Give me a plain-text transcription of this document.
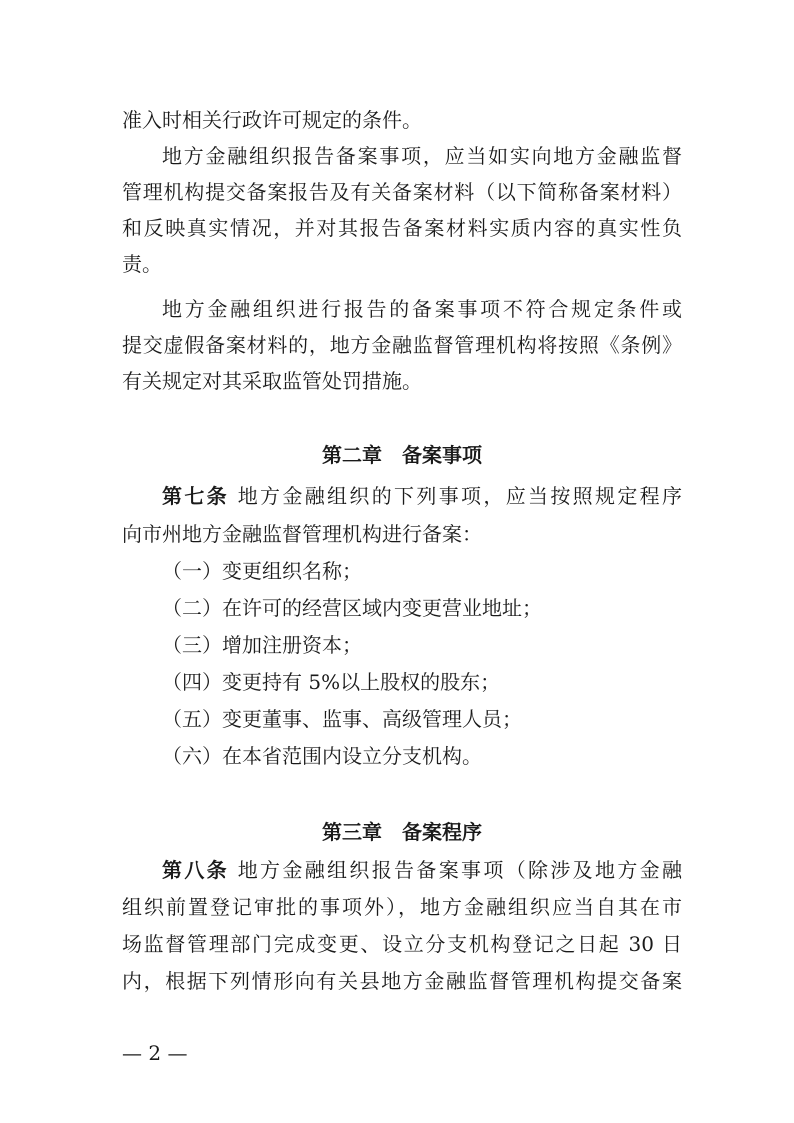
准入时相关行政许可规定的条件。
地方金融组织报告备案事项，应当如实向地方金融监督
管理机构提交备案报告及有关备案材料（以下简称备案材料）
和反映真实情况，并对其报告备案材料实质内容的真实性负
责。
地方金融组织进行报告的备案事项不符合规定条件或
提交虚假备案材料的，地方金融监督管理机构将按照《条例》
有关规定对其采取监管处罚措施。
第二章　备案事项
第七条 地方金融组织的下列事项，应当按照规定程序
向市州地方金融监督管理机构进行备案：
（一）变更组织名称；
（二）在许可的经营区域内变更营业地址；
（三）增加注册资本；
（四）变更持有 5%以上股权的股东；
（五）变更董事、监事、高级管理人员；
（六）在本省范围内设立分支机构。
第三章　备案程序
第八条 地方金融组织报告备案事项（除涉及地方金融
组织前置登记审批的事项外），地方金融组织应当自其在市
场监督管理部门完成变更、设立分支机构登记之日起 30 日
内，根据下列情形向有关县地方金融监督管理机构提交备案
— 2 —
